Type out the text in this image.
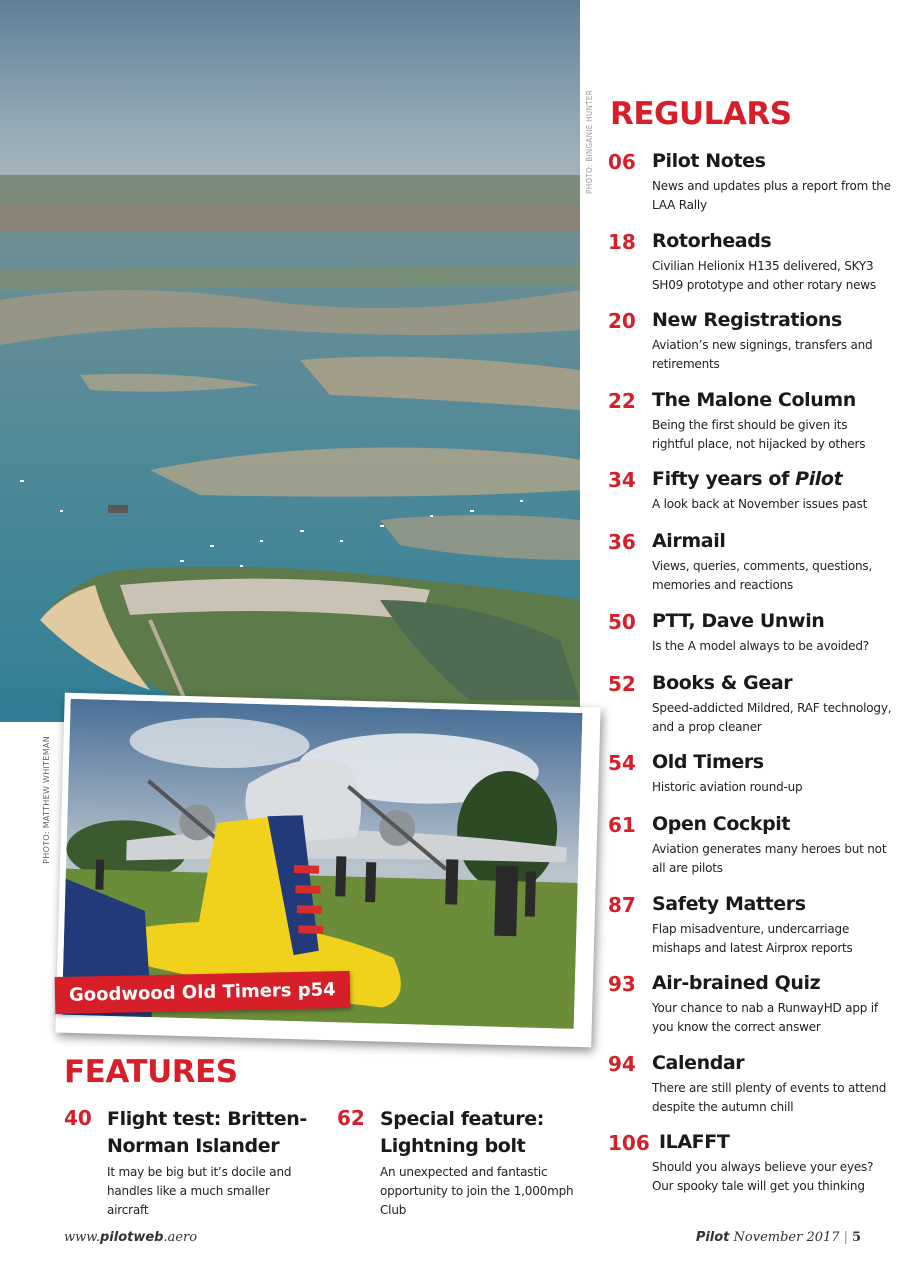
PHOTO: BINGANIE HUNTER
PHOTO: MATTHEW WHITEMAN
Goodwood Old Timers p54
REGULARS
06 Pilot Notes
News and updates plus a report from the LAA Rally
18 Rotorheads
Civilian Helionix H135 delivered, SKY3 SH09 prototype and other rotary news
20 New Registrations
Aviation’s new signings, transfers and retirements
22 The Malone Column
Being the first should be given its rightful place, not hijacked by others
34 Fifty years of Pilot
A look back at November issues past
36 Airmail
Views, queries, comments, questions, memories and reactions
50 PTT, Dave Unwin
Is the A model always to be avoided?
52 Books & Gear
Speed-addicted Mildred, RAF technology, and a prop cleaner
54 Old Timers
Historic aviation round-up
61 Open Cockpit
Aviation generates many heroes but not all are pilots
87 Safety Matters
Flap misadventure, undercarriage mishaps and latest Airprox reports
93 Air-brained Quiz
Your chance to nab a RunwayHD app if you know the correct answer
94 Calendar
There are still plenty of events to attend despite the autumn chill
106 ILAFFT
Should you always believe your eyes? Our spooky tale will get you thinking
FEATURES
40 Flight test: Britten-Norman Islander
It may be big but it’s docile and handles like a much smaller aircraft
62 Special feature: Lightning bolt
An unexpected and fantastic opportunity to join the 1,000mph Club
www.pilotweb.aero	Pilot November 2017 | 5
